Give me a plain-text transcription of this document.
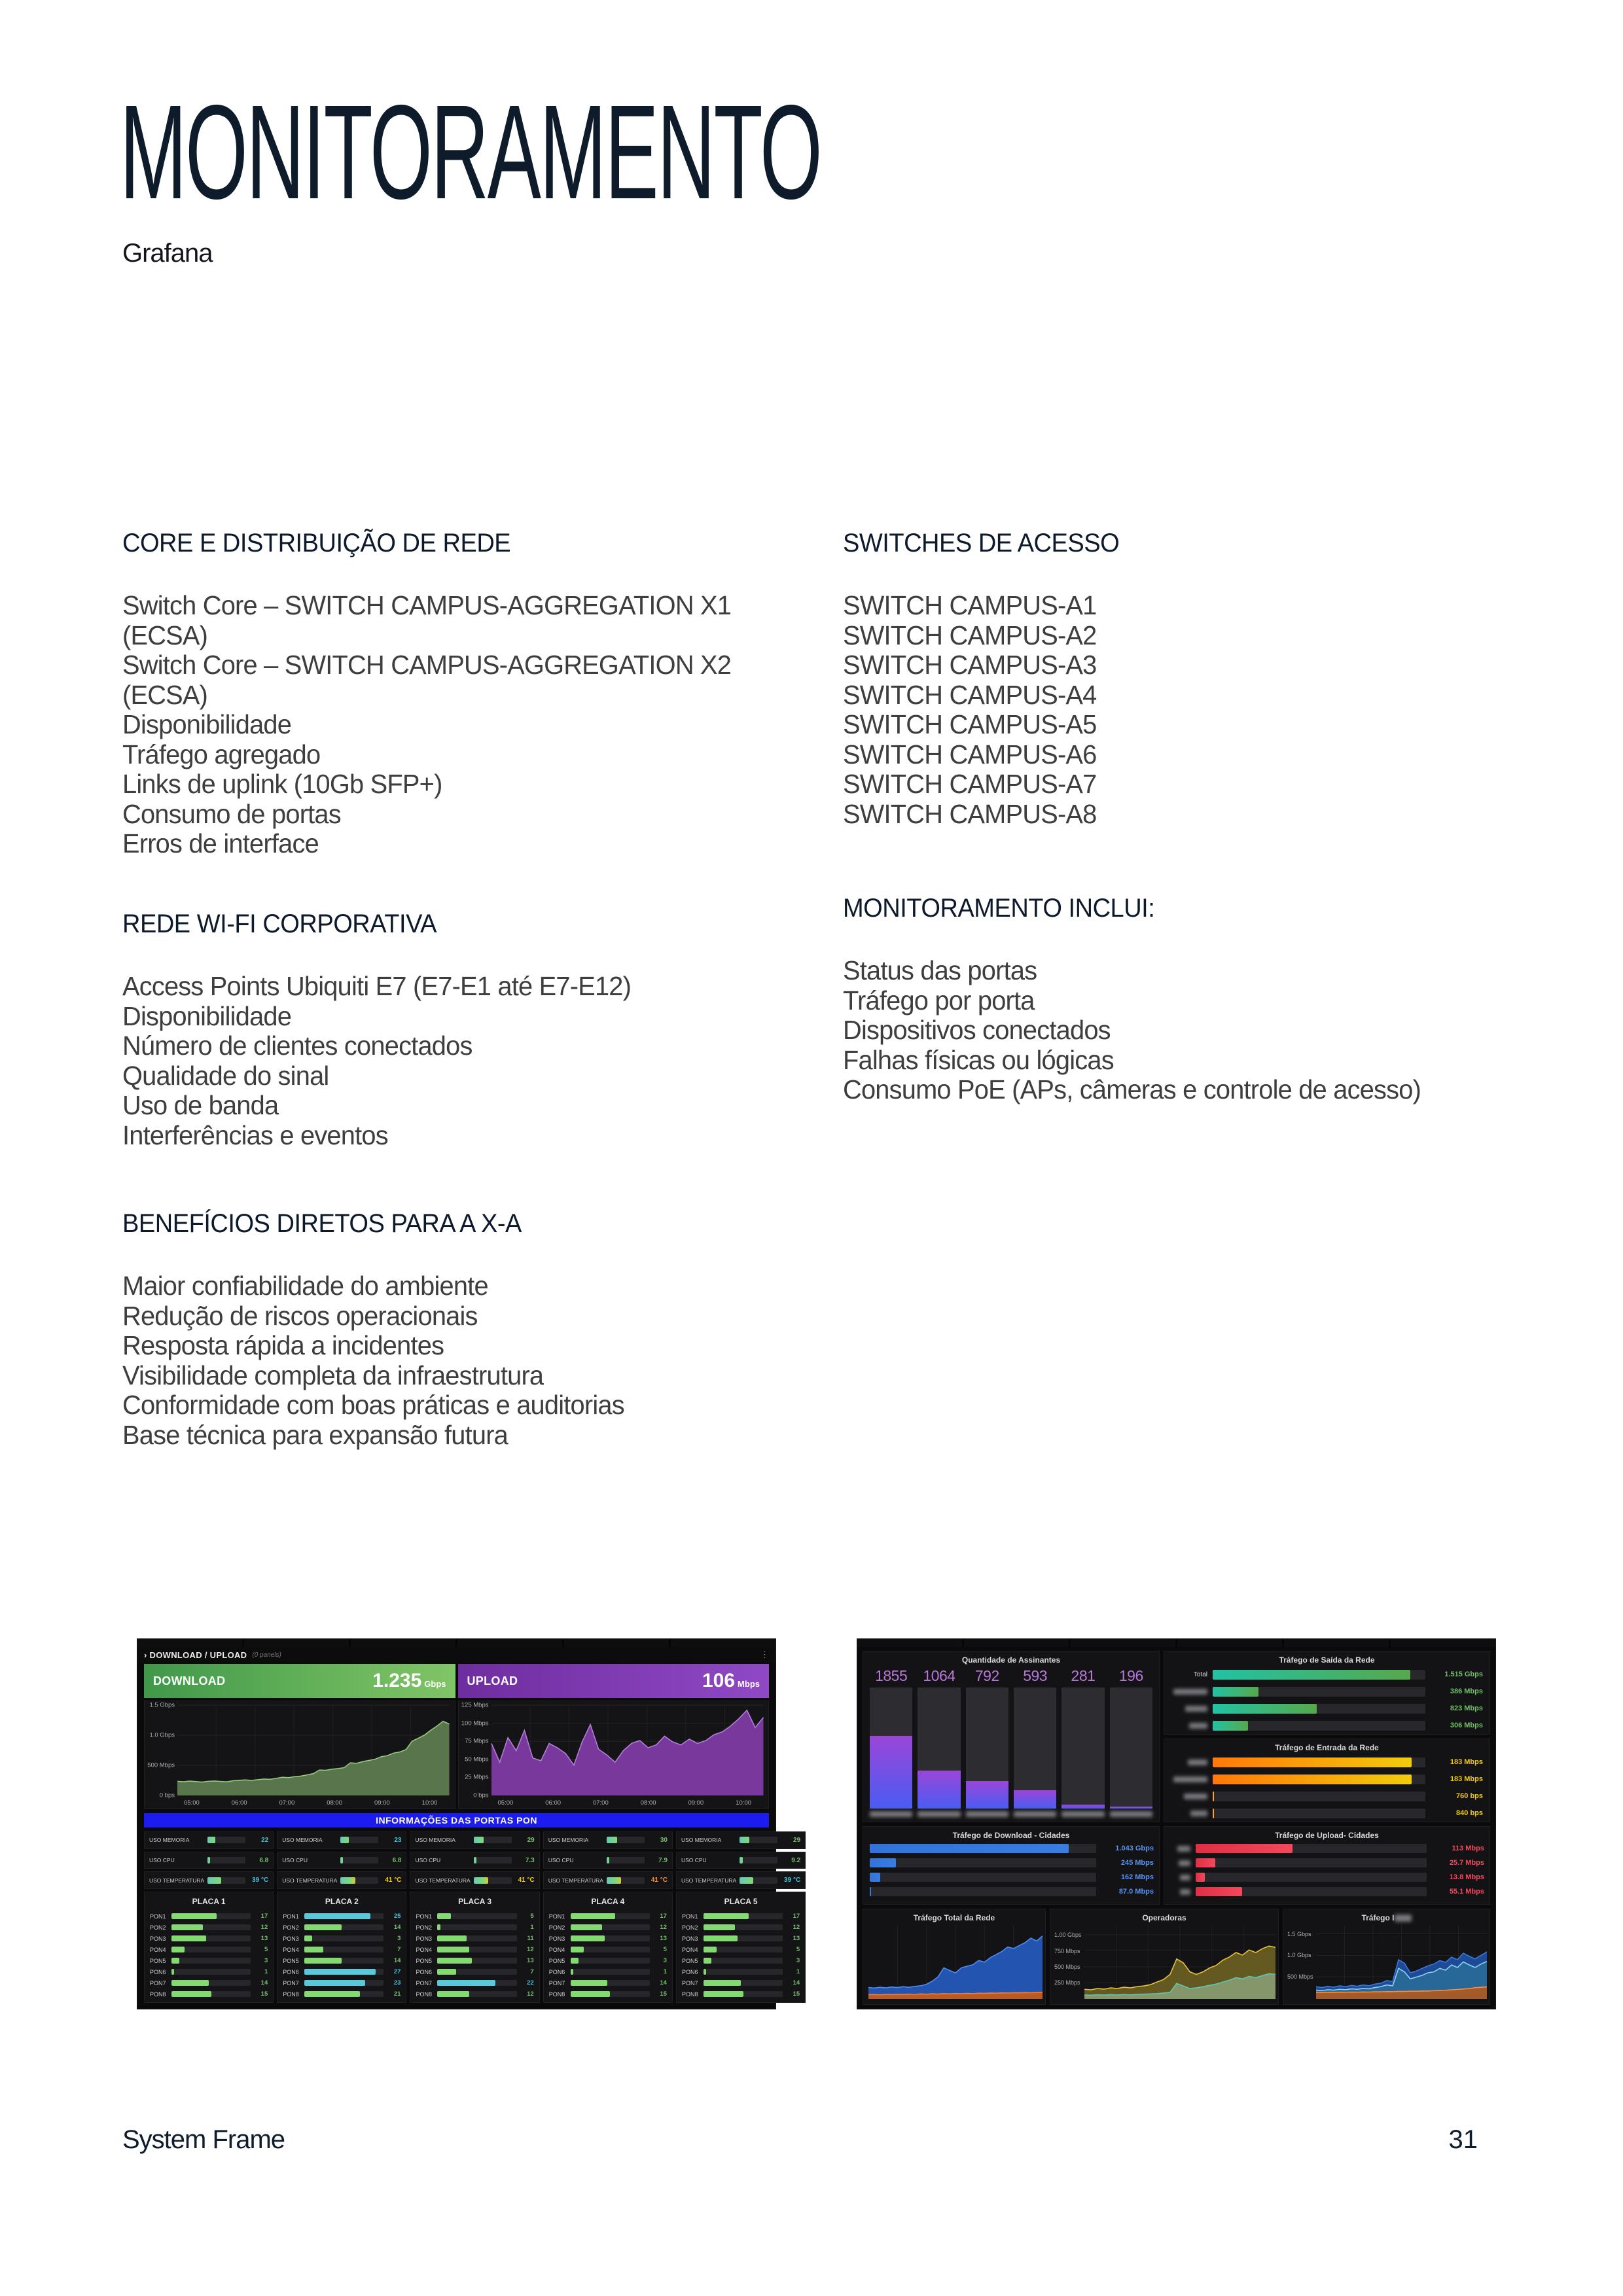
MONITORAMENTO
Grafana
CORE E DISTRIBUIÇÃO DE REDE
Switch Core – SWITCH CAMPUS-AGGREGATION X1
(ECSA)
Switch Core – SWITCH CAMPUS-AGGREGATION X2
(ECSA)
Disponibilidade
Tráfego agregado
Links de uplink (10Gb SFP+)
Consumo de portas
Erros de interface
SWITCHES DE ACESSO
SWITCH CAMPUS-A1
SWITCH CAMPUS-A2
SWITCH CAMPUS-A3
SWITCH CAMPUS-A4
SWITCH CAMPUS-A5
SWITCH CAMPUS-A6
SWITCH CAMPUS-A7
SWITCH CAMPUS-A8
REDE WI-FI CORPORATIVA
Access Points Ubiquiti E7 (E7-E1 até E7-E12)
Disponibilidade
Número de clientes conectados
Qualidade do sinal
Uso de banda
Interferências e eventos
MONITORAMENTO INCLUI:
Status das portas
Tráfego por porta
Dispositivos conectados
Falhas físicas ou lógicas
Consumo PoE (APs, câmeras e controle de acesso)
BENEFÍCIOS DIRETOS PARA A X-A
Maior confiabilidade do ambiente
Redução de riscos operacionais
Resposta rápida a incidentes
Visibilidade completa da infraestrutura
Conformidade com boas práticas e auditorias
Base técnica para expansão futura
› DOWNLOAD / UPLOAD (0 panels)	⋮
DOWNLOAD	1.235 Gbps UPLOAD	106 Mbps
1.5 Gbps
1.0 Gbps
500 Mbps
0 bps
05:00	06:00	07:00	08:00	09:00	10:00
125 Mbps
100 Mbps
75 Mbps
50 Mbps
25 Mbps
0 bps
05:00	06:00	07:00	08:00	09:00	10:00
INFORMAÇÕES DAS PORTAS PON
USO MEMORIA	22
USO CPU	6.8
USO TEMPERATURA	39 °C
PLACA 1
PON1	17
PON2	12
PON3	13
PON4	5
PON5	3
PON6	1
PON7	14
PON8	15
USO MEMORIA	23
USO CPU	6.8
USO TEMPERATURA	41 °C
PLACA 2
PON1	25
PON2	14
PON3	3
PON4	7
PON5	14
PON6	27
PON7	23
PON8	21
USO MEMORIA	29
USO CPU	7.3
USO TEMPERATURA	41 °C
PLACA 3
PON1	5
PON2	1
PON3	11
PON4	12
PON5	13
PON6	7
PON7	22
PON8	12
USO MEMORIA	30
USO CPU	7.9
USO TEMPERATURA	41 °C
PLACA 4
PON1	17
PON2	12
PON3	13
PON4	5
PON5	3
PON6	1
PON7	14
PON8	15
USO MEMORIA	29
USO CPU	9.2
USO TEMPERATURA	39 °C
PLACA 5
PON1	17
PON2	12
PON3	13
PON4	5
PON5	3
PON6	1
PON7	14
PON8	15
Quantidade de Assinantes
1855	1064	792	593	281	196
Tráfego de Saída da Rede
Total	1.515 Gbps
386 Mbps
823 Mbps
306 Mbps
Tráfego de Entrada da Rede
183 Mbps
183 Mbps
760 bps
840 bps
Tráfego de Download - Cidades
1.043 Gbps
245 Mbps
162 Mbps
87.0 Mbps
Tráfego de Upload- Cidades
113 Mbps
25.7 Mbps
13.8 Mbps
55.1 Mbps
Tráfego Total da Rede	Operadoras
1.00 Gbps
750 Mbps
500 Mbps
250 Mbps
Tráfego I
1.5 Gbps
1.0 Gbps
500 Mbps
System Frame	31
